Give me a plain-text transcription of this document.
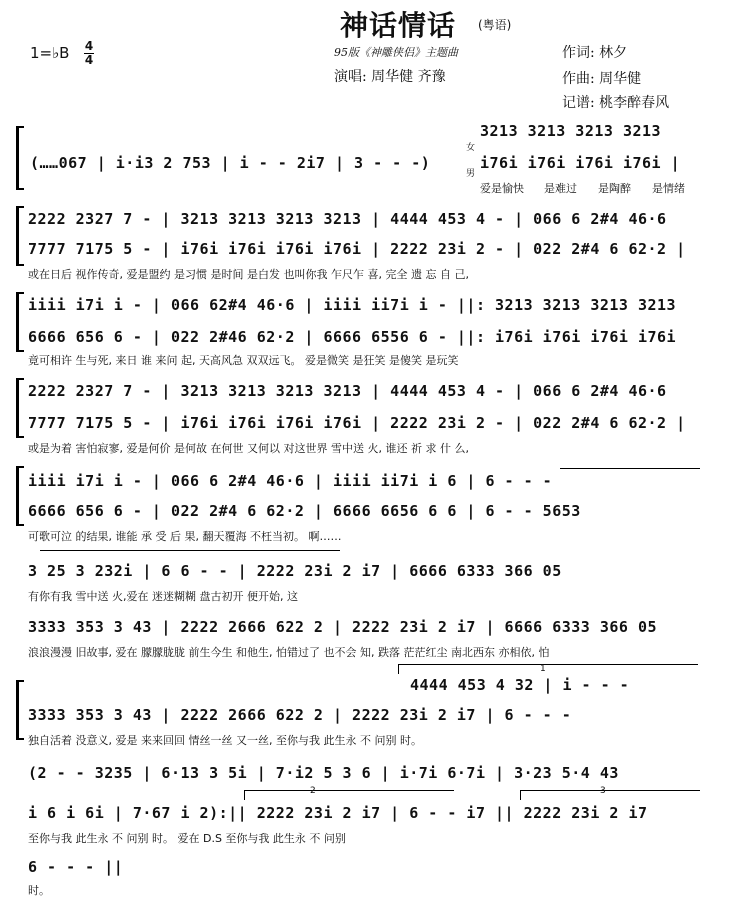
神话情话 (粤语)
1=♭B 4
4
95版《神雕侠侣》主题曲
演唱: 周华健 齐豫
作词: 林夕
作曲: 周华健
记谱: 桃李醉春风
(……067 | i·i3 2 753 | i - - 2i7 | 3 - - -)
3213 3213 3213 3213
i76i i76i i76i i76i |
女
男
爱是愉快 是难过 是陶醉 是情绪
2222 2327 7 - | 3213 3213 3213 3213 | 4444 453 4 - | 066 6 2#4 46·6
7777 7175 5 - | i76i i76i i76i i76i | 2222 23i 2 - | 022 2#4 6 62·2 |
或在日后 视作传奇, 爱是盟约 是习惯 是时间 是白发 也叫你我 乍尺乍 喜, 完全 遗 忘 自 己,
iiii i7i i - | 066 62#4 46·6 | iiii ii7i i - ||: 3213 3213 3213 3213
6666 656 6 - | 022 2#46 62·2 | 6666 6556 6 - ||: i76i i76i i76i i76i
竟可相许 生与死, 来日 谁 来问 起, 天高风急 双双远飞。 爱是微笑 是狂笑 是傻笑 是玩笑
2222 2327 7 - | 3213 3213 3213 3213 | 4444 453 4 - | 066 6 2#4 46·6
7777 7175 5 - | i76i i76i i76i i76i | 2222 23i 2 - | 022 2#4 6 62·2 |
或是为着 害怕寂寥, 爱是何价 是何故 在何世 又何以 对这世界 雪中送 火, 谁还 祈 求 什 么,
iiii i7i i - | 066 6 2#4 46·6 | iiii ii7i i 6 | 6 - - -
6666 656 6 - | 022 2#4 6 62·2 | 6666 6656 6 6 | 6 - - 5653
可歌可泣 的结果, 谁能 承 受 后 果, 翻天覆海 不枉当初。 啊……
3 25 3 232i | 6 6 - - | 2222 23i 2 i7 | 6666 6333 366 05
有你有我 雪中送 火,爱在 迷迷糊糊 盘古初开 便开始, 这
3333 353 3 43 | 2222 2666 622 2 | 2222 23i 2 i7 | 6666 6333 366 05
浪浪漫漫 旧故事, 爱在 朦朦胧胧 前生今生 和他生, 怕错过了 也不会 知, 跌落 茫茫红尘 南北西东 亦相依, 怕
1
4444 453 4 32 | i - - -
3333 353 3 43 | 2222 2666 622 2 | 2222 23i 2 i7 | 6 - - -
独自活着 没意义, 爱是 来来回回 情丝一丝 又一丝, 至你与我 此生永 不 问别 时。
2	3
(2 - - 3235 | 6·13 3 5i | 7·i2 5 3 6 | i·7i 6·7i | 3·23 5·4 43
i 6 i 6i | 7·67 i 2):|| 2222 23i 2 i7 | 6 - - i7 || 2222 23i 2 i7
至你与我 此生永 不 问别 时。 爱在 D.S 至你与我 此生永 不 问别
6 - - - ||
时。
